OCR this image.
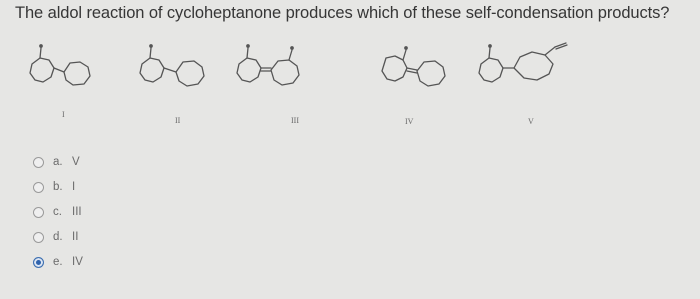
The aldol reaction of cycloheptanone produces which of these self-condensation products?
I
II	III	IV	V
a. V
b. I
c. III
d. II
e. IV
